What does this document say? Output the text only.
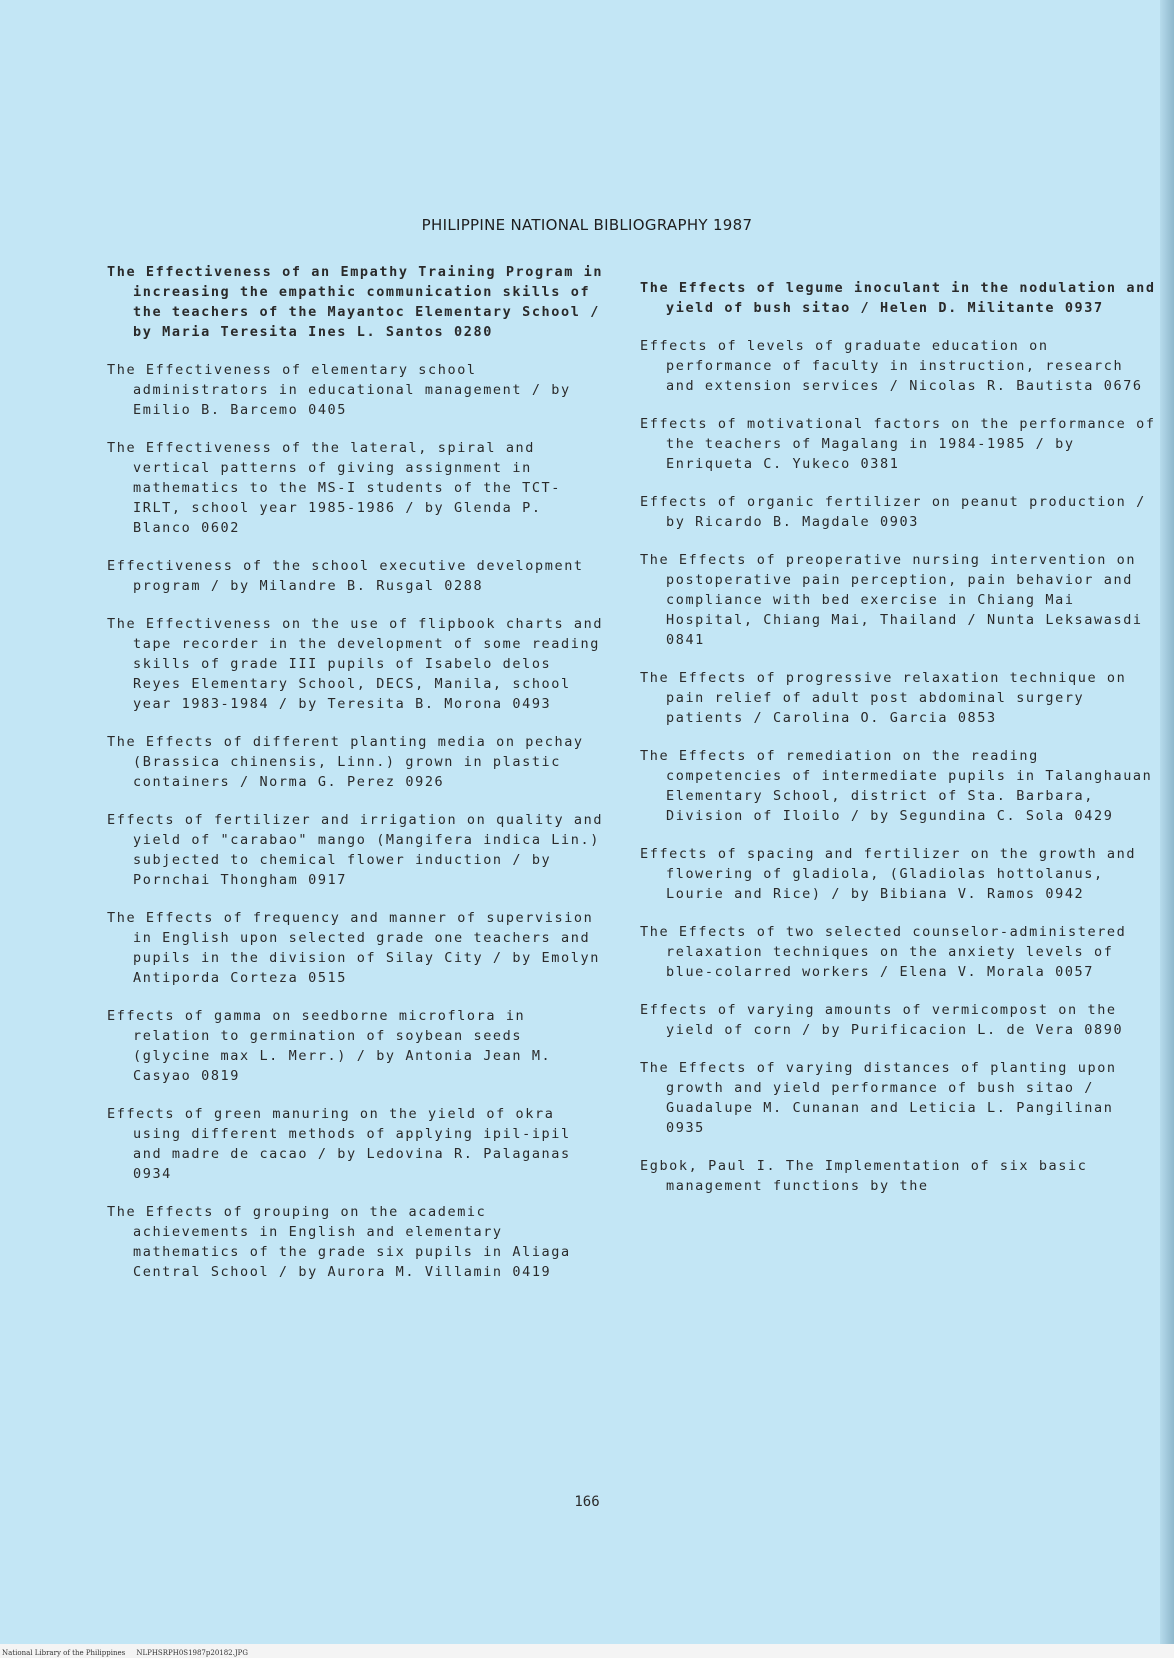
PHILIPPINE NATIONAL BIBLIOGRAPHY 1987

The Effectiveness of an Empathy Training Program in increasing the empathic communication skills of the teachers of the Mayantoc Elementary School / by Maria Teresita Ines L. Santos 0280

The Effectiveness of elementary school administrators in educational management / by Emilio B. Barcemo 0405

The Effectiveness of the lateral, spiral and vertical patterns of giving assignment in mathematics to the MS-I students of the TCT-IRLT, school year 1985-1986 / by Glenda P. Blanco 0602

Effectiveness of the school executive development program / by Milandre B. Rusgal 0288

The Effectiveness on the use of flipbook charts and tape recorder in the development of some reading skills of grade III pupils of Isabelo delos Reyes Elementary School, DECS, Manila, school year 1983-1984 / by Teresita B. Morona 0493

The Effects of different planting media on pechay (Brassica chinensis, Linn.) grown in plastic containers / Norma G. Perez 0926

Effects of fertilizer and irrigation on quality and yield of "carabao" mango (Mangifera indica Lin.) subjected to chemical flower induction / by Pornchai Thongham 0917

The Effects of frequency and manner of supervision in English upon selected grade one teachers and pupils in the division of Silay City / by Emolyn Antiporda Corteza 0515

Effects of gamma on seedborne microflora in relation to germination of soybean seeds (glycine max L. Merr.) / by Antonia Jean M. Casyao 0819

Effects of green manuring on the yield of okra using different methods of applying ipil-ipil and madre de cacao / by Ledovina R. Palaganas 0934

The Effects of grouping on the academic achievements in English and elementary mathematics of the grade six pupils in Aliaga Central School / by Aurora M. Villamin 0419

The Effects of legume inoculant in the nodulation and yield of bush sitao / Helen D. Militante 0937

Effects of levels of graduate education on performance of faculty in instruction, research and extension services / Nicolas R. Bautista 0676

Effects of motivational factors on the performance of the teachers of Magalang in 1984-1985 / by Enriqueta C. Yukeco 0381

Effects of organic fertilizer on peanut production / by Ricardo B. Magdale 0903

The Effects of preoperative nursing intervention on postoperative pain perception, pain behavior and compliance with bed exercise in Chiang Mai Hospital, Chiang Mai, Thailand / Nunta Leksawasdi 0841

The Effects of progressive relaxation technique on pain relief of adult post abdominal surgery patients / Carolina O. Garcia 0853

The Effects of remediation on the reading competencies of intermediate pupils in Talanghauan Elementary School, district of Sta. Barbara, Division of Iloilo / by Segundina C. Sola 0429

Effects of spacing and fertilizer on the growth and flowering of gladiola, (Gladiolas hottolanus, Lourie and Rice) / by Bibiana V. Ramos 0942

The Effects of two selected counselor-administered relaxation techniques on the anxiety levels of blue-colarred workers / Elena V. Morala 0057

Effects of varying amounts of vermicompost on the yield of corn / by Purificacion L. de Vera 0890

The Effects of varying distances of planting upon growth and yield performance of bush sitao / Guadalupe M. Cunanan and Leticia L. Pangilinan 0935

Egbok, Paul I. The Implementation of six basic management functions by the

166
National Library of the Philippines     NLPHSRPH0S1987p20182.JPG
